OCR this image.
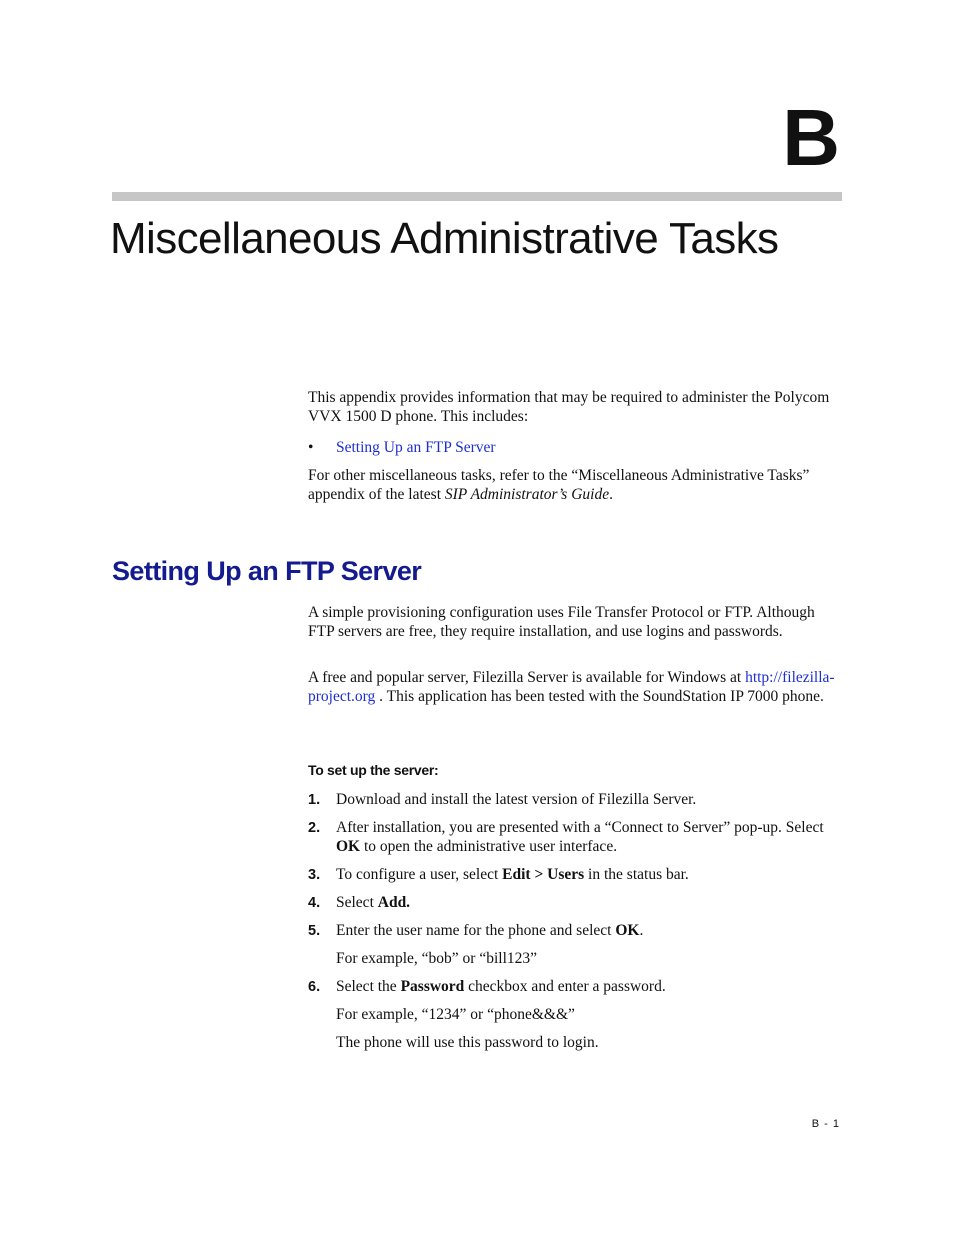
B
Miscellaneous Administrative Tasks

This appendix provides information that may be required to administer the Polycom VVX 1500 D phone. This includes:

•	Setting Up an FTP Server

For other miscellaneous tasks, refer to the “Miscellaneous Administrative Tasks” appendix of the latest SIP Administrator’s Guide.

Setting Up an FTP Server

A simple provisioning configuration uses File Transfer Protocol or FTP. Although FTP servers are free, they require installation, and use logins and passwords.

A free and popular server, Filezilla Server is available for Windows at http://filezilla-project.org . This application has been tested with the SoundStation IP 7000 phone.

To set up the server:
1. Download and install the latest version of Filezilla Server.
2. After installation, you are presented with a “Connect to Server” pop-up. Select OK to open the administrative user interface.
3. To configure a user, select Edit > Users in the status bar.
4. Select Add.
5. Enter the user name for the phone and select OK.
For example, “bob” or “bill123”
6. Select the Password checkbox and enter a password.
For example, “1234” or “phone&&&”
The phone will use this password to login.
B - 1
